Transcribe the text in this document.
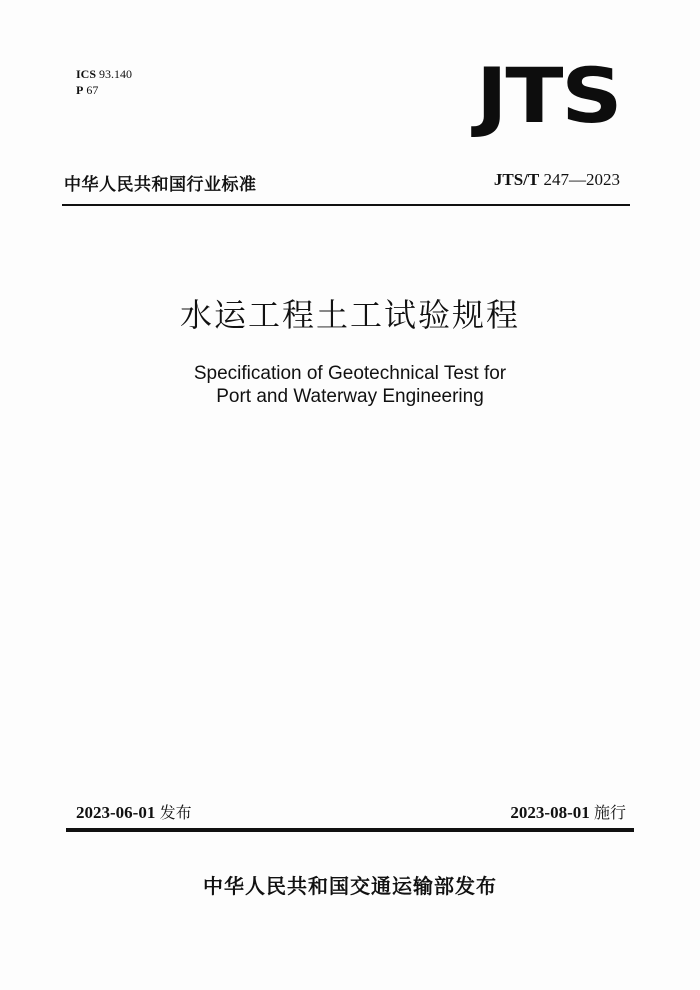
ICS 93.140
P 67	JTS
中华人民共和国行业标准	JTS/T 247—2023
水运工程土工试验规程
Specification of Geotechnical Test for
Port and Waterway Engineering
2023-06-01 发布	2023-08-01 施行
中华人民共和国交通运输部发布
